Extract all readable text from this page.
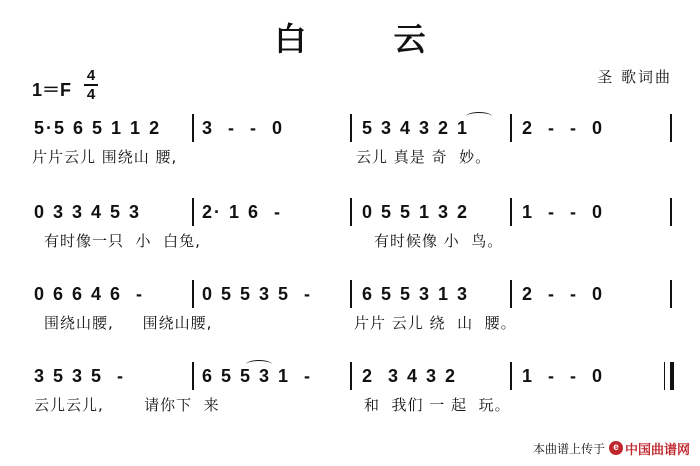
白 云
圣 歌词曲
1＝F
4
4
5·5 6 5 1 1 2 3  -  -  0	5 3 4 3 2 1	2  -  -  0

片片云儿 围绕山 腰,

	云儿 真是 奇  妙。

0 3 3 4 5 3	2· 1 6  -	0 5 5 1 3 2	1  -  -  0

有时像一只  小  白兔,

	有时候像 小  鸟。

0 6 6 4 6  -	0 5 5 3 5  -	6 5 5 3 1 3	2  -  -  0

围绕山腰,     围绕山腰,

	片片 云儿 绕  山  腰。

3 5 3 5  -	6 5 5 3 1  -	2  3 4 3 2	1  -  -  0

云儿云儿,       请你下  来

	和  我们 一 起  玩。

本曲谱上传于 e 中国曲谱网
